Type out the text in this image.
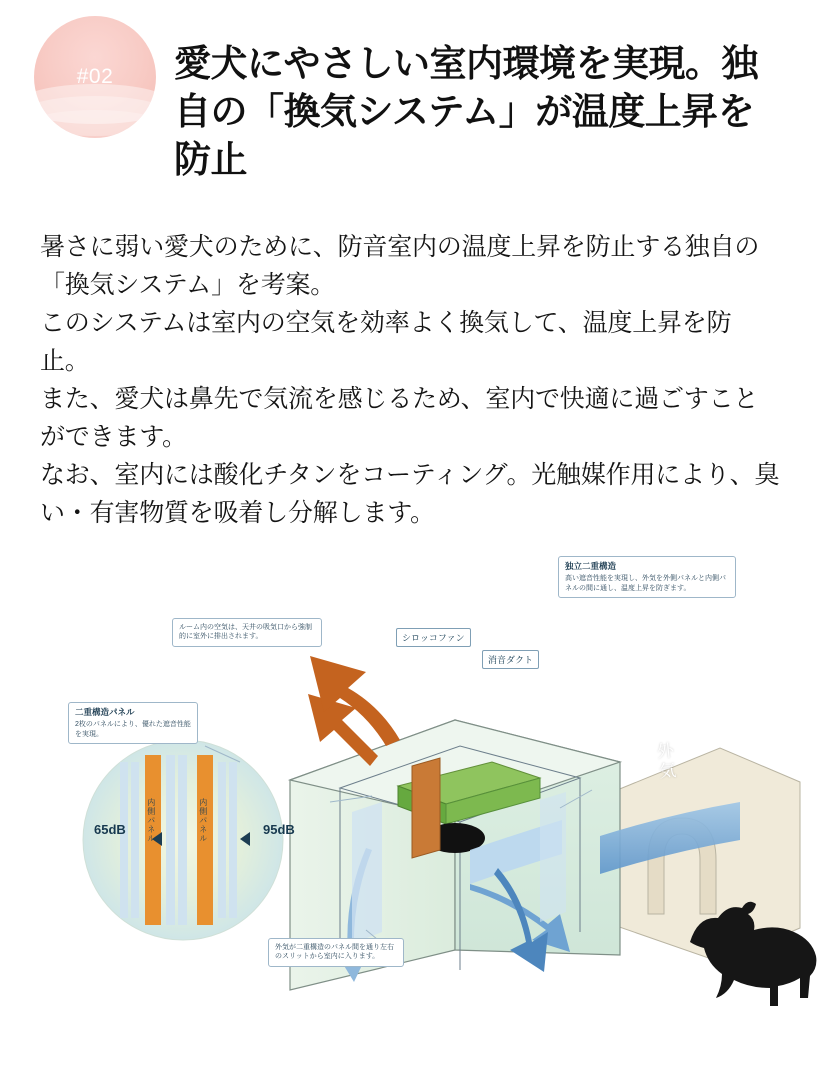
#02 愛犬にやさしい室内環境を実現。独自の「換気システム」が温度上昇を防止

暑さに弱い愛犬のために、防音室内の温度上昇を防止する独自の「換気システム」を考案。

このシステムは室内の空気を効率よく換気して、温度上昇を防止。

また、愛犬は鼻先で気流を感じるため、室内で快適に過ごすことができます。

なお、室内には酸化チタンをコーティング。光触媒作用により、臭い・有害物質を吸着し分解します。

独立二重構造
高い遮音性能を実現し、外気を外側パネルと内側パネルの間に通し、温度上昇を防ぎます。
ルーム内の空気は、天井の吸気口から強制的に室外に排出されます。
二重構造パネル
2枚のパネルにより、優れた遮音性能を実現。
外気が二重構造のパネル間を通り左右のスリットから室内に入ります。
シロッコファン
消音ダクト
65dB	95dB
内側パネル	内側パネル
外気
